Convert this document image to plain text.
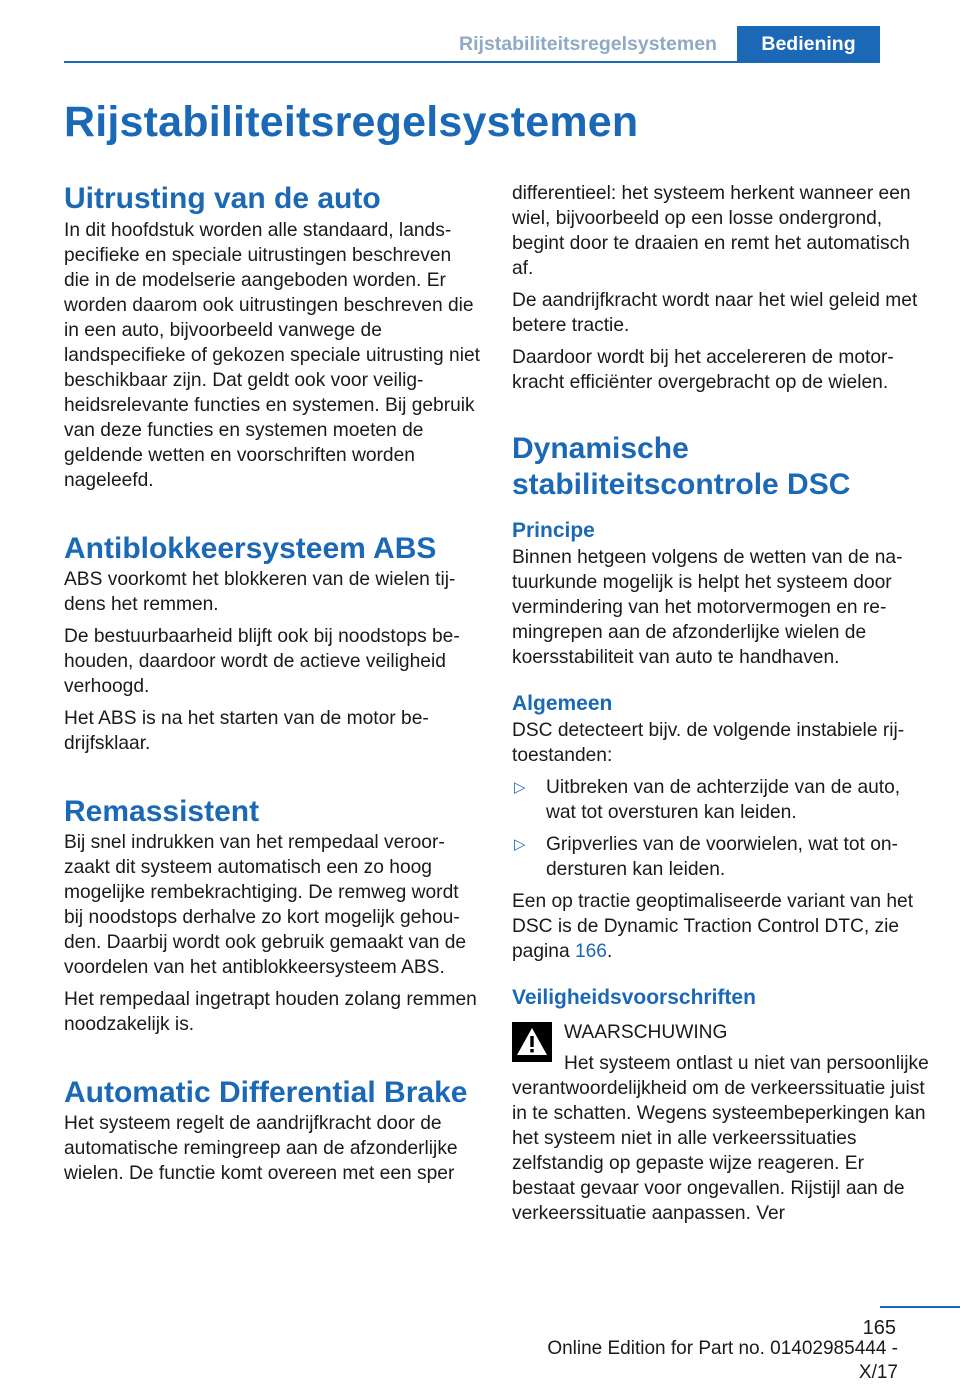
Rijstabiliteitsregelsystemen	Bediening
Rijstabiliteitsregelsystemen
Uitrusting van de auto

In dit hoofdstuk worden alle standaard, landspecifieke en speciale uitrustingen beschreven die in de modelserie aangeboden worden. Er worden daarom ook uitrustingen beschreven die in een auto, bijvoorbeeld vanwege de landspecifieke of gekozen speciale uitrusting niet beschikbaar zijn. Dat geldt ook voor veiligheidsrelevante functies en systemen. Bij gebruik van deze functies en systemen moeten de geldende wetten en voorschriften worden nageleefd.

Antiblokkeersysteem ABS

ABS voorkomt het blokkeren van de wielen tijdens het remmen.

De bestuurbaarheid blijft ook bij noodstops behouden, daardoor wordt de actieve veiligheid verhoogd.

Het ABS is na het starten van de motor bedrijfsklaar.

Remassistent

Bij snel indrukken van het rempedaal veroorzaakt dit systeem automatisch een zo hoog mogelijke rembekrachtiging. De remweg wordt bij noodstops derhalve zo kort mogelijk gehouden. Daarbij wordt ook gebruik gemaakt van de voordelen van het antiblokkeersysteem ABS.

Het rempedaal ingetrapt houden zolang remmen noodzakelijk is.

Automatic Differential Brake

Het systeem regelt de aandrijfkracht door de automatische remingreep aan de afzonderlijke wielen. De functie komt overeen met een sper

differentieel: het systeem herkent wanneer een wiel, bijvoorbeeld op een losse ondergrond, begint door te draaien en remt het automatisch af.

De aandrijfkracht wordt naar het wiel geleid met betere tractie.

Daardoor wordt bij het accelereren de motorkracht efficiënter overgebracht op de wielen.

Dynamische stabiliteitscontrole DSC
Principe

Binnen hetgeen volgens de wetten van de natuurkunde mogelijk is helpt het systeem door vermindering van het motorvermogen en remingrepen aan de afzonderlijke wielen de koersstabiliteit van auto te handhaven.

Algemeen

DSC detecteert bijv. de volgende instabiele rijtoestanden:

▷ Uitbreken van de achterzijde van de auto, wat tot oversturen kan leiden.
▷ Gripverlies van de voorwielen, wat tot ondersturen kan leiden.

Een op tractie geoptimaliseerde variant van het DSC is de Dynamic Traction Control DTC, zie pagina 166.

Veiligheidsvoorschriften

WAARSCHUWING

Het systeem ontlast u niet van persoonlijke verantwoordelijkheid om de verkeerssituatie juist in te schatten. Wegens systeembeperkingen kan het systeem niet in alle verkeerssituaties zelfstandig op gepaste wijze reageren. Er bestaat gevaar voor ongevallen. Rijstijl aan de verkeerssituatie aanpassen. Ver

165
Online Edition for Part no. 01402985444 - X/17
